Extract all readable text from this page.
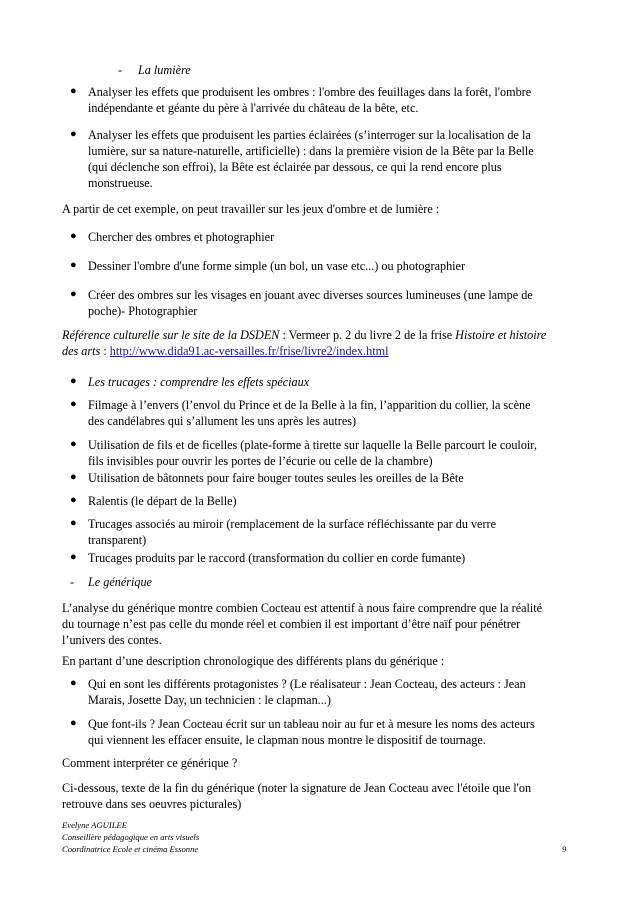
- La lumière
● Analyser les effets que produisent les ombres : l'ombre des feuillages dans la forêt, l'ombre
indépendante et géante du père à l'arrivée du château de la bête, etc.
● Analyser les effets que produisent les parties éclairées (s’interroger sur la localisation de la
lumière, sur sa nature-naturelle, artificielle) : dans la première vision de la Bête par la Belle
(qui déclenche son effroi), la Bête est éclairée par dessous, ce qui la rend encore plus
monstrueuse.
A partir de cet exemple, on peut travailler sur les jeux d'ombre et de lumière :
● Chercher des ombres et photographier
● Dessiner l'ombre d'une forme simple (un bol, un vase etc...) ou photographier
● Créer des ombres sur les visages en jouant avec diverses sources lumineuses (une lampe de
poche)- Photographier
Référence culturelle sur le site de la DSDEN : Vermeer p. 2 du livre 2 de la frise Histoire et histoire
des arts : http://www.dida91.ac-versailles.fr/frise/livre2/index.html
● Les trucages : comprendre les effets spéciaux
● Filmage à l’envers (l’envol du Prince et de la Belle à la fin, l’apparition du collier, la scène
des candélabres qui s’allument les uns après les autres)
● Utilisation de fils et de ficelles (plate-forme à tirette sur laquelle la Belle parcourt le couloir,
fils invisibles pour ouvrir les portes de l’écurie ou celle de la chambre)
● Utilisation de bâtonnets pour faire bouger toutes seules les oreilles de la Bête
● Ralentis (le départ de la Belle)
● Trucages associés au miroir (remplacement de la surface réfléchissante par du verre
transparent)
● Trucages produits par le raccord (transformation du collier en corde fumante)
- Le générique
L’analyse du générique montre combien Cocteau est attentif à nous faire comprendre que la réalité
du tournage n’est pas celle du monde réel et combien il est important d’être naïf pour pénétrer
l’univers des contes.
En partant d’une description chronologique des différents plans du générique :
● Qui en sont les différents protagonistes ? (Le réalisateur : Jean Cocteau, des acteurs : Jean
Marais, Josette Day, un technicien : le clapman...)
● Que font-ils ? Jean Cocteau écrit sur un tableau noir au fur et à mesure les noms des acteurs
qui viennent les effacer ensuite, le clapman nous montre le dispositif de tournage.
Comment interpréter ce générique ?
Ci-dessous, texte de la fin du générique (noter la signature de Jean Cocteau avec l'étoile que l'on
retrouve dans ses oeuvres picturales)
Evelyne AGUILEE
Conseillère pédagogique en arts visuels
Coordinatrice Ecole et cinéma Essonne	9
